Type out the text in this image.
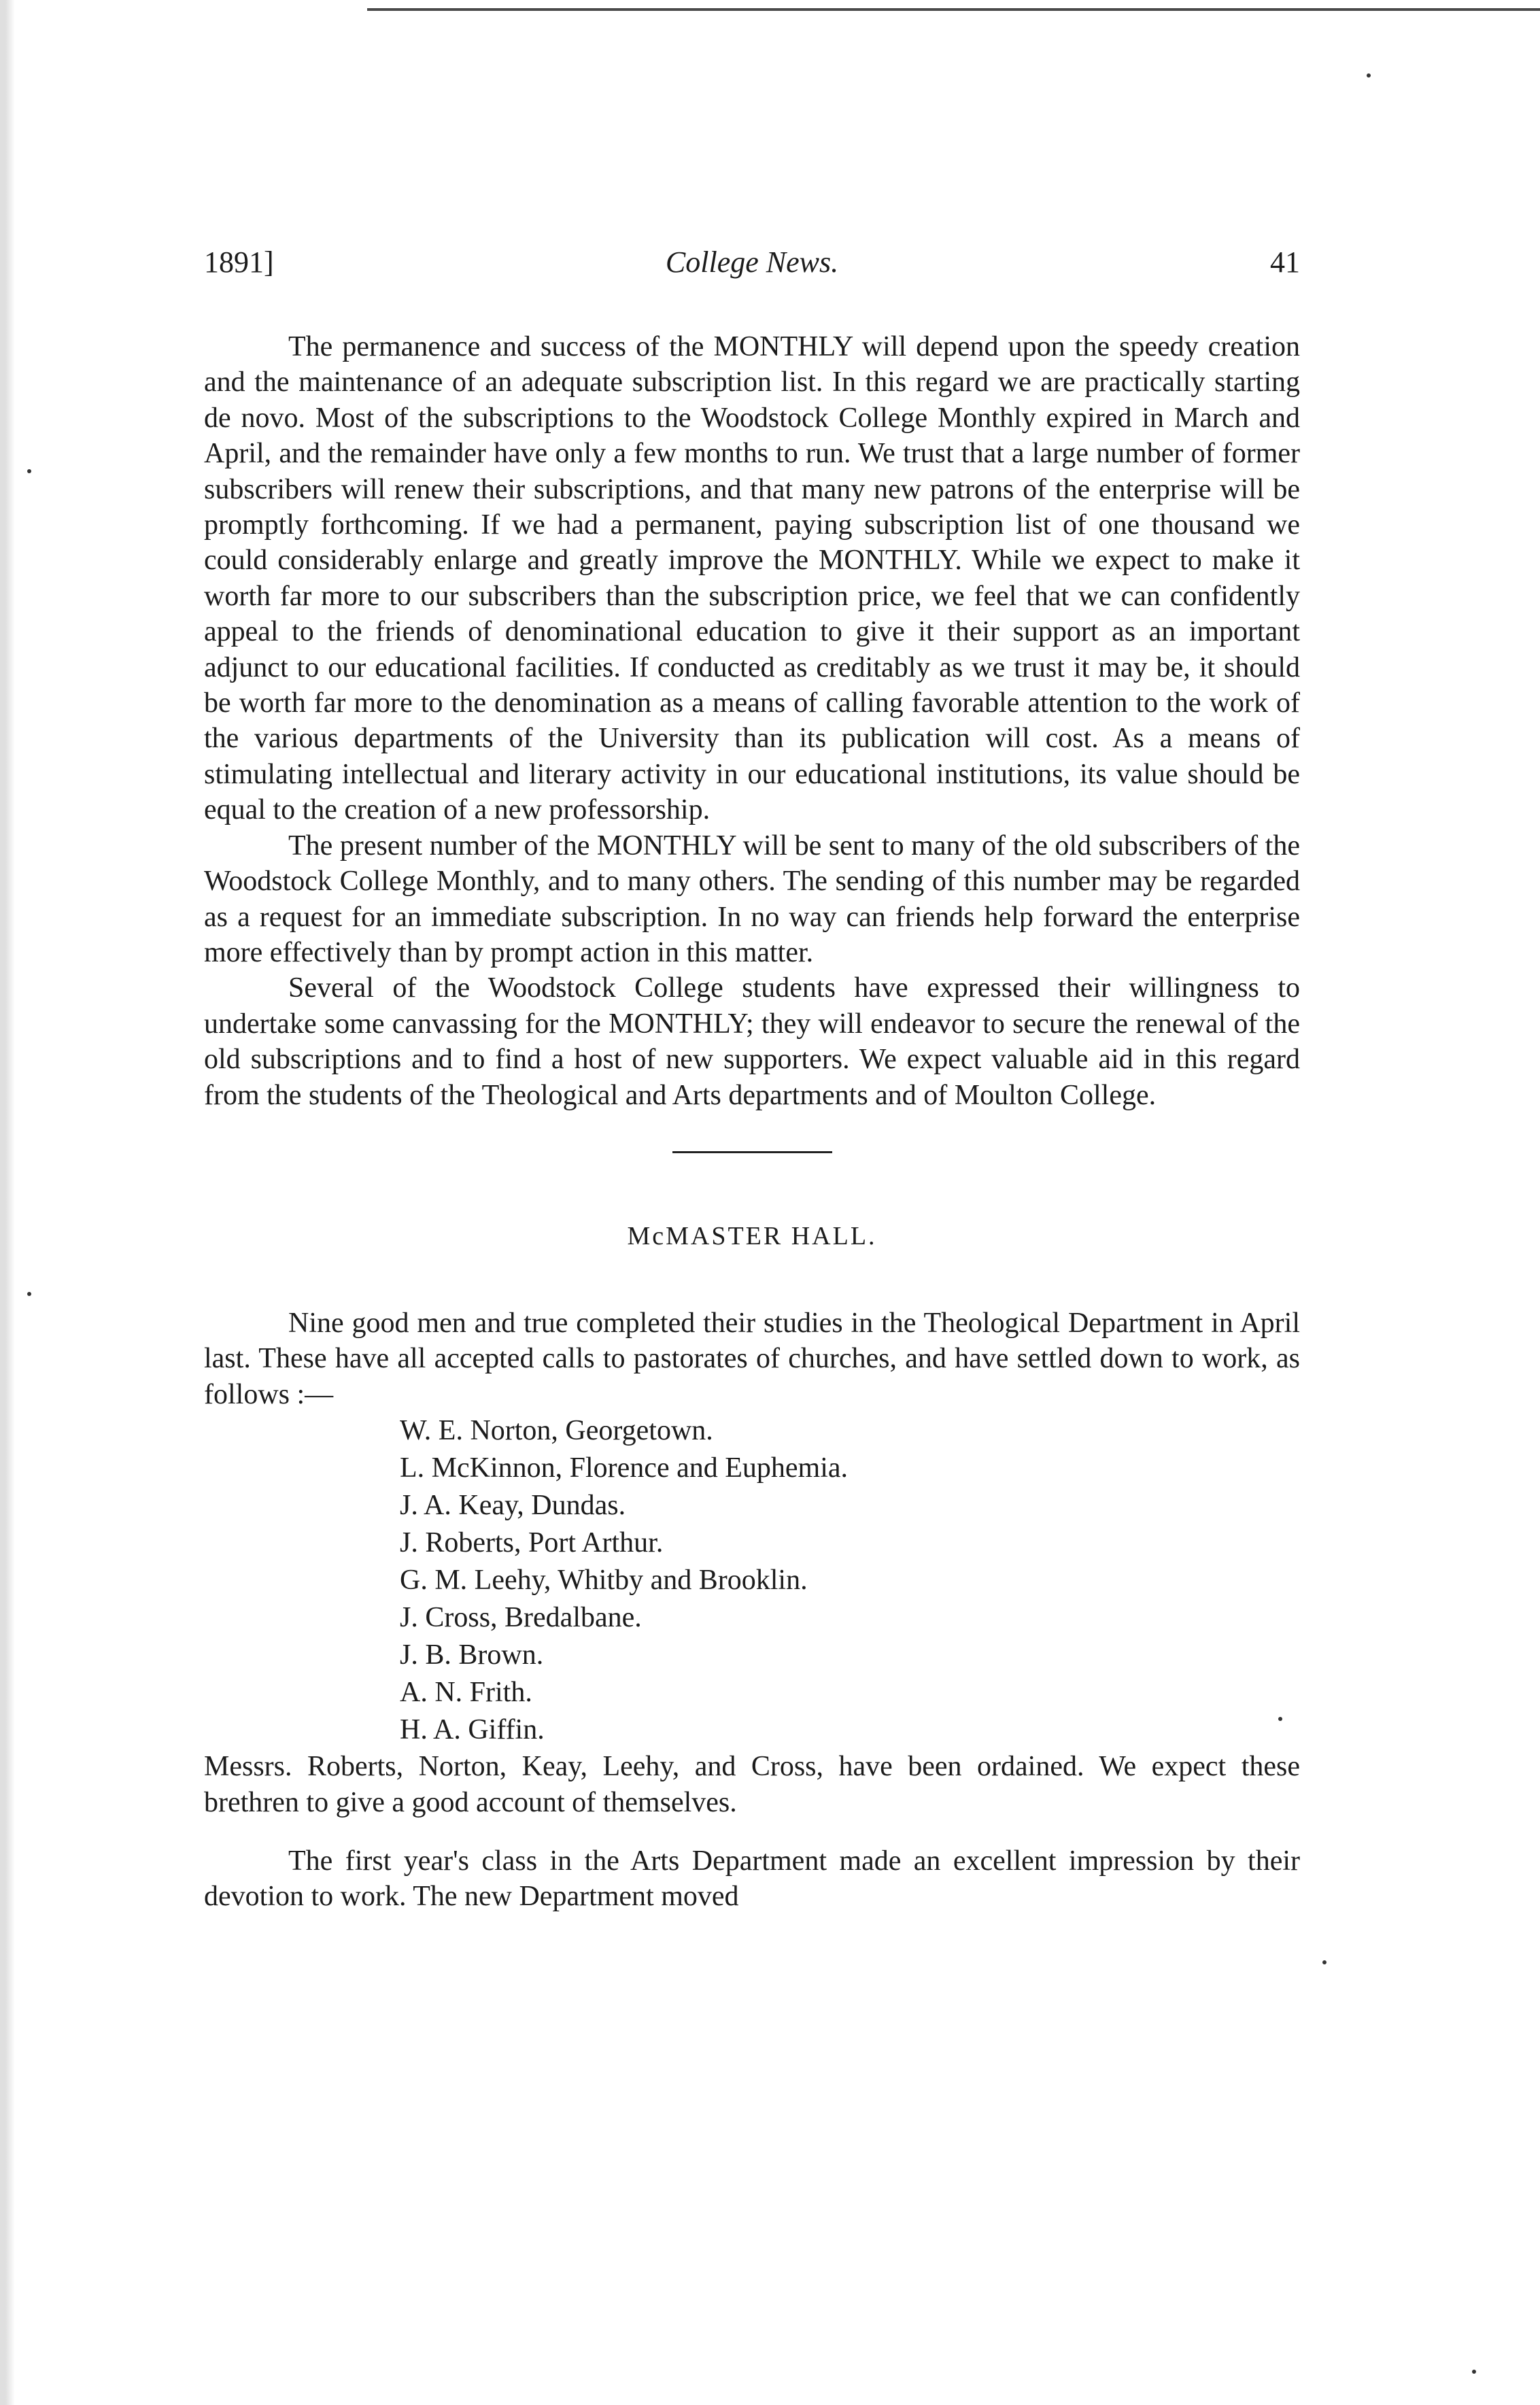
1891]	College News.	41

The permanence and success of the MONTHLY will depend upon the speedy creation and the maintenance of an adequate subscription list. In this regard we are practically starting de novo. Most of the subscriptions to the Woodstock College Monthly expired in March and April, and the remainder have only a few months to run. We trust that a large number of former subscribers will renew their subscriptions, and that many new patrons of the enterprise will be promptly forthcoming. If we had a permanent, paying subscription list of one thousand we could considerably enlarge and greatly improve the MONTHLY. While we expect to make it worth far more to our subscribers than the subscription price, we feel that we can confidently appeal to the friends of denominational education to give it their support as an important adjunct to our educational facilities. If conducted as creditably as we trust it may be, it should be worth far more to the denomination as a means of calling favorable attention to the work of the various departments of the University than its publication will cost. As a means of stimulating intellectual and literary activity in our educational institutions, its value should be equal to the creation of a new professorship.

The present number of the MONTHLY will be sent to many of the old subscribers of the Woodstock College Monthly, and to many others. The sending of this number may be regarded as a request for an immediate subscription. In no way can friends help forward the enterprise more effectively than by prompt action in this matter.

Several of the Woodstock College students have expressed their willingness to undertake some canvassing for the MONTHLY; they will endeavor to secure the renewal of the old subscriptions and to find a host of new supporters. We expect valuable aid in this regard from the students of the Theological and Arts departments and of Moulton College.

McMASTER HALL.

Nine good men and true completed their studies in the Theological Department in April last. These have all accepted calls to pastorates of churches, and have settled down to work, as follows :—

W. E. Norton, Georgetown.
L. McKinnon, Florence and Euphemia.
J. A. Keay, Dundas.
J. Roberts, Port Arthur.
G. M. Leehy, Whitby and Brooklin.
J. Cross, Bredalbane.
J. B. Brown.
A. N. Frith.
H. A. Giffin.

Messrs. Roberts, Norton, Keay, Leehy, and Cross, have been ordained. We expect these brethren to give a good account of themselves.

The first year's class in the Arts Department made an excellent impression by their devotion to work. The new Department moved
